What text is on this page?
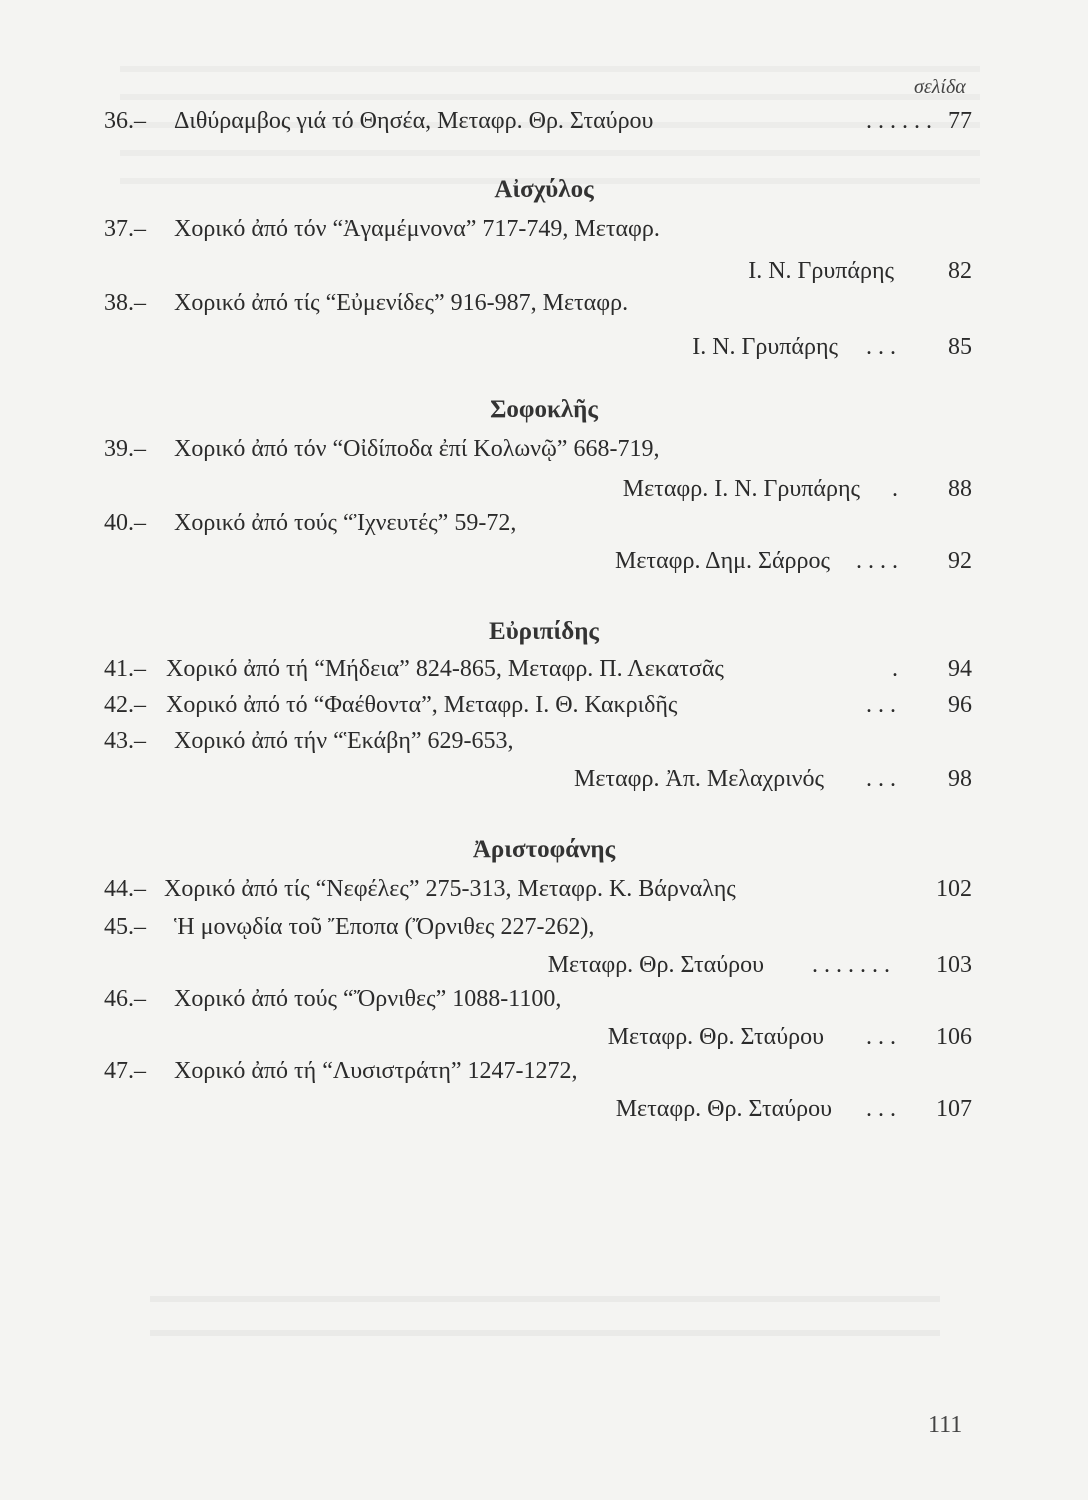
σελίδα
36.– Διθύραμβος γιά τό Θησέα, Μεταφρ. Θρ. Σταύρου	...... 77
Αἰσχύλος
37.– Χορικό ἀπό τόν “Ἀγαμέμνονα” 717-749, Μεταφρ.
Ι. Ν. Γρυπάρης	82
38.– Χορικό ἀπό τίς “Εὐμενίδες” 916-987, Μεταφρ.
Ι. Ν. Γρυπάρης	...	85
Σοφοκλῆς
39.– Χορικό ἀπό τόν “Οἰδίποδα ἐπί Κολωνῷ” 668-719,
Μεταφρ. Ι. Ν. Γρυπάρης	.	88
40.– Χορικό ἀπό τούς “Ἰχνευτές” 59-72,
Μεταφρ. Δημ. Σάρρος	....	92
Εὐριπίδης
41.– Χορικό ἀπό τή “Μήδεια” 824-865, Μεταφρ. Π. Λεκατσᾶς	.	94
42.– Χορικό ἀπό τό “Φαέθοντα”, Μεταφρ. Ι. Θ. Κακριδῆς	...	96
43.– Χορικό ἀπό τήν “Ἑκάβη” 629-653,
Μεταφρ. Ἀπ. Μελαχρινός	...	98
Ἀριστοφάνης
44.– Χορικό ἀπό τίς “Νεφέλες” 275-313, Μεταφρ. Κ. Βάρναλης	102
45.– Ἡ μονῳδία τοῦ Ἔποπα (Ὄρνιθες 227-262),
Μεταφρ. Θρ. Σταύρου	.......	103
46.– Χορικό ἀπό τούς “Ὄρνιθες” 1088-1100,
Μεταφρ. Θρ. Σταύρου	...	106
47.– Χορικό ἀπό τή “Λυσιστράτη” 1247-1272,
Μεταφρ. Θρ. Σταύρου	...	107
111
